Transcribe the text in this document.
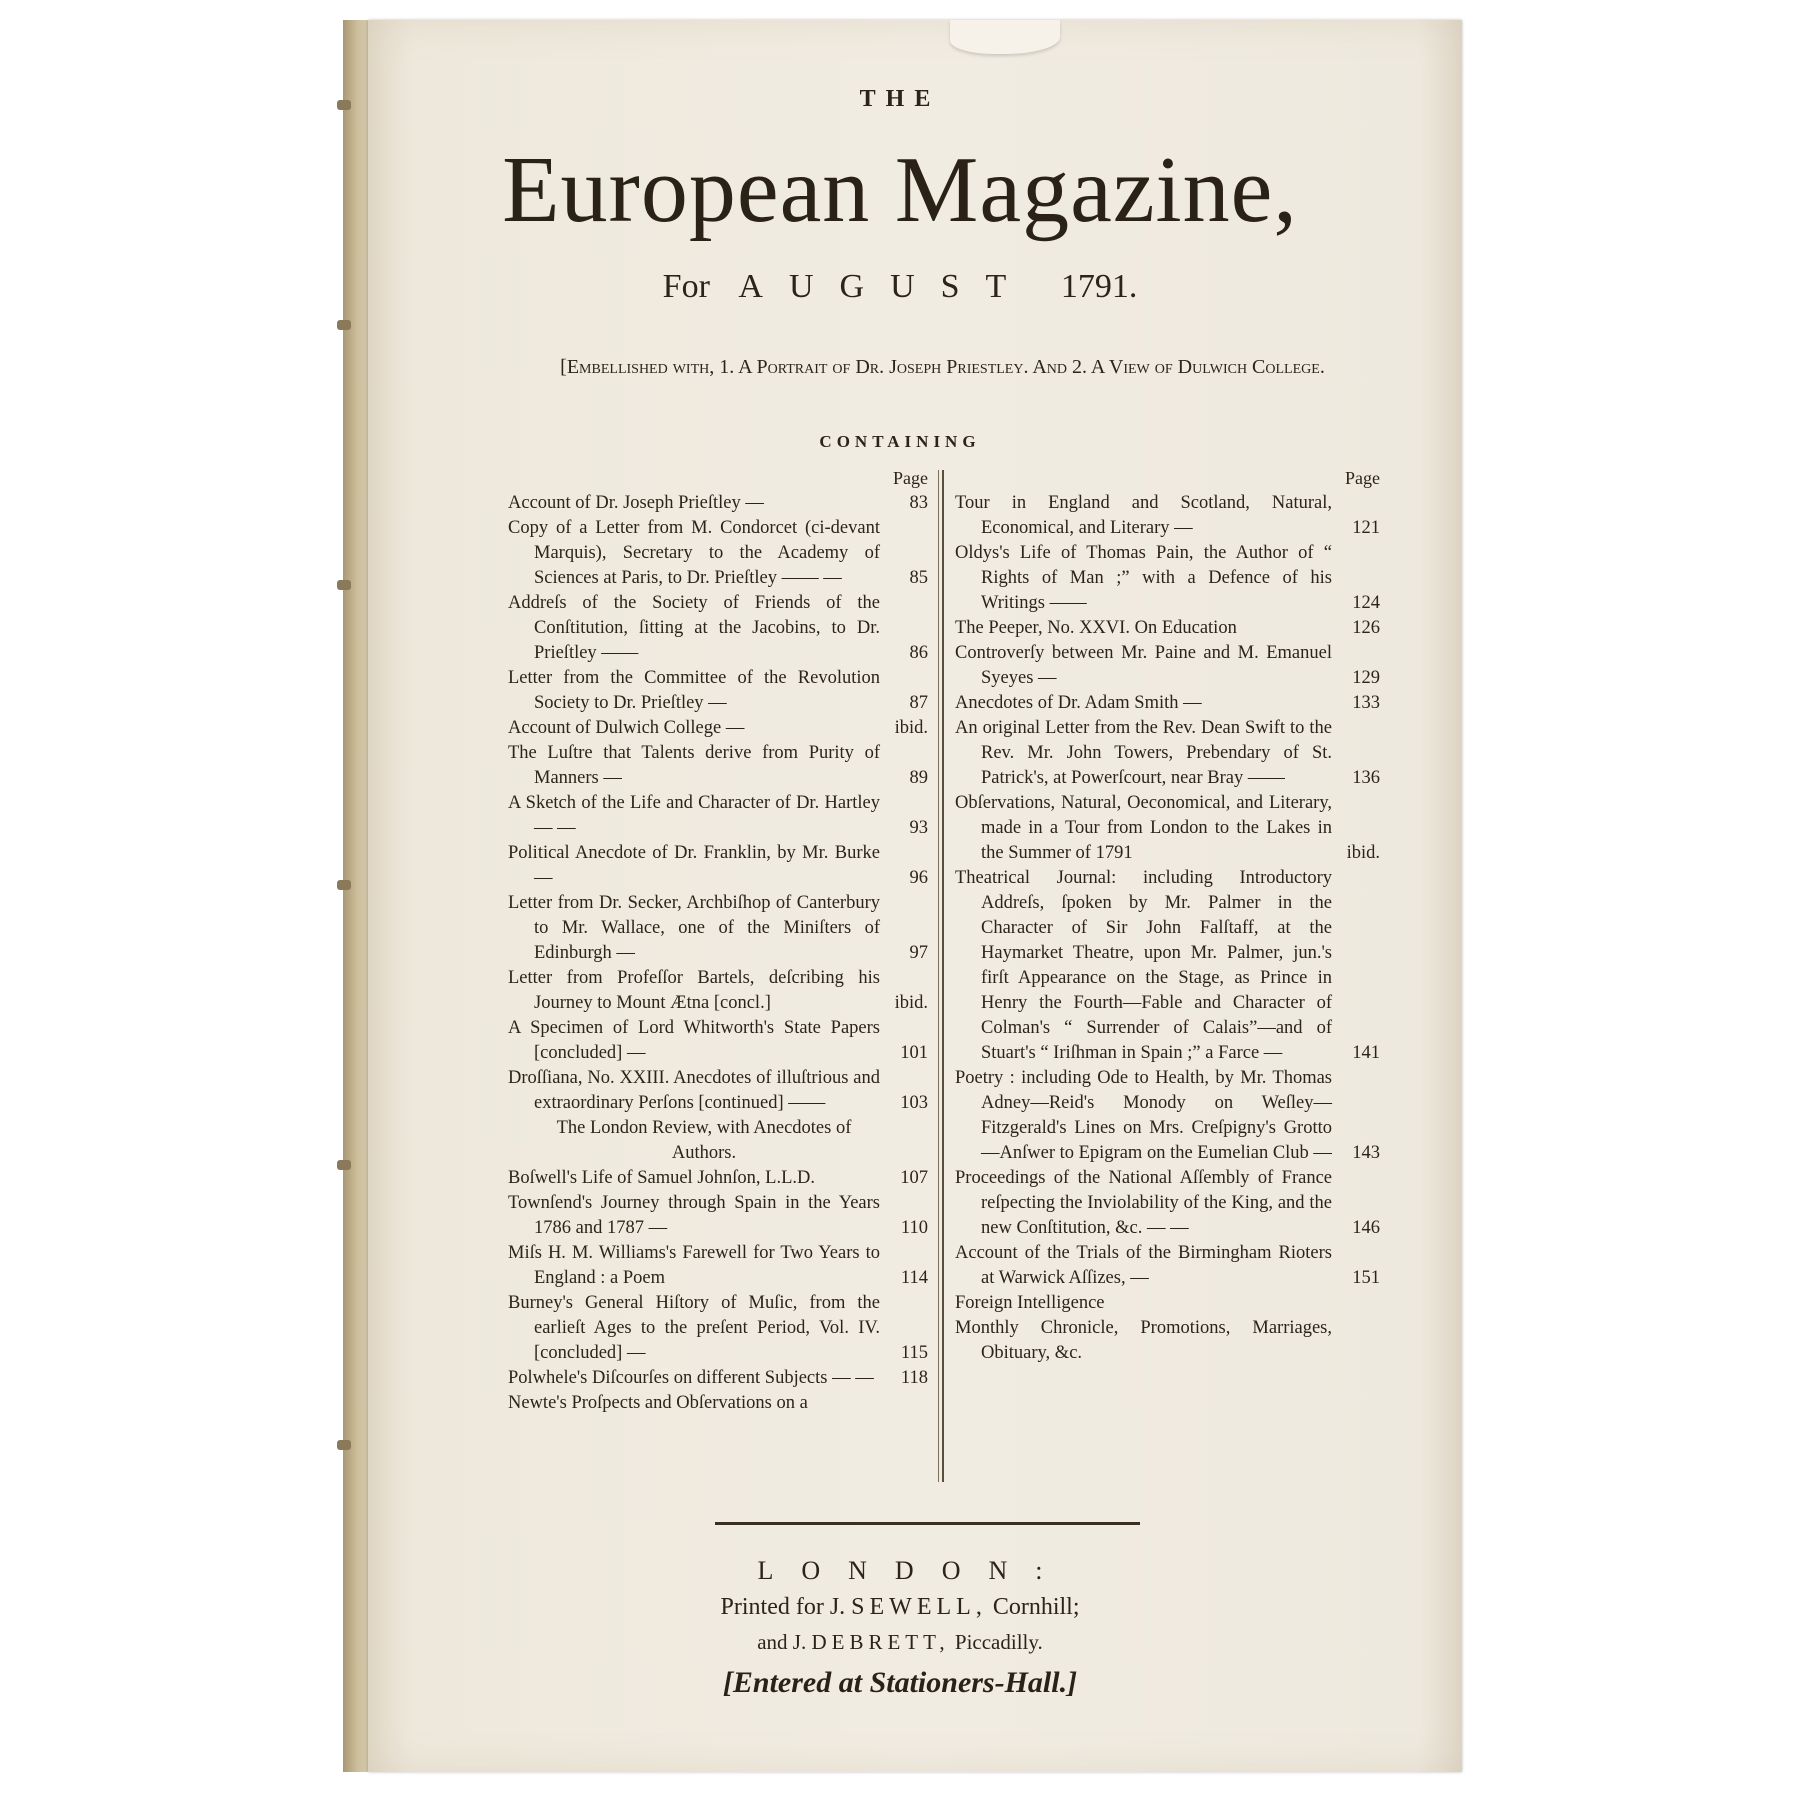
THE
European Magazine,
For AUGUST 1791.
[Embellished with, 1. A Portrait of Dr. Joseph Priestley. And 2. A View of Dulwich College.
CONTAINING
Page
Account of Dr. Joseph Prieſtley —	83
Copy of a Letter from M. Condorcet (ci-devant Marquis), Secretary to the Academy of Sciences at Paris, to Dr. Prieſtley —— —	85
Addreſs of the Society of Friends of the Conſtitution, ſitting at the Jacobins, to Dr. Prieſtley ——	86
Letter from the Committee of the Revolution Society to Dr. Prieſtley —	87
Account of Dulwich College —	ibid.
The Luſtre that Talents derive from Purity of Manners —	89
A Sketch of the Life and Character of Dr. Hartley — —	93
Political Anecdote of Dr. Franklin, by Mr. Burke —	96
Letter from Dr. Secker, Archbiſhop of Canterbury to Mr. Wallace, one of the Miniſters of Edinburgh —	97
Letter from Profeſſor Bartels, deſcribing his Journey to Mount Ætna [concl.]	ibid.
A Specimen of Lord Whitworth's State Papers [concluded] —	101
Droſſiana, No. XXIII. Anecdotes of illuſtrious and extraordinary Perſons [continued] ——	103
The London Review, with Anecdotes of Authors.
Boſwell's Life of Samuel Johnſon, L.L.D.	107
Townſend's Journey through Spain in the Years 1786 and 1787 —	110
Miſs H. M. Williams's Farewell for Two Years to England : a Poem	114
Burney's General Hiſtory of Muſic, from the earlieſt Ages to the preſent Period, Vol. IV. [concluded] —	115
Polwhele's Diſcourſes on different Subjects — —	118
Newte's Proſpects and Obſervations on a
Page
Tour in England and Scotland, Natural, Economical, and Literary —	121
Oldys's Life of Thomas Pain, the Author of “ Rights of Man ;” with a Defence of his Writings ——	124
The Peeper, No. XXVI. On Education	126
Controverſy between Mr. Paine and M. Emanuel Syeyes —	129
Anecdotes of Dr. Adam Smith —	133
An original Letter from the Rev. Dean Swift to the Rev. Mr. John Towers, Prebendary of St. Patrick's, at Powerſcourt, near Bray ——	136
Obſervations, Natural, Oeconomical, and Literary, made in a Tour from London to the Lakes in the Summer of 1791	ibid.
Theatrical Journal: including Introductory Addreſs, ſpoken by Mr. Palmer in the Character of Sir John Falſtaff, at the Haymarket Theatre, upon Mr. Palmer, jun.'s firſt Appearance on the Stage, as Prince in Henry the Fourth—Fable and Character of Colman's “ Surrender of Calais”—and of Stuart's “ Iriſhman in Spain ;” a Farce —	141
Poetry : including Ode to Health, by Mr. Thomas Adney—Reid's Monody on Weſley—Fitzgerald's Lines on Mrs. Creſpigny's Grotto—Anſwer to Epigram on the Eumelian Club —	143
Proceedings of the National Aſſembly of France reſpecting the Inviolability of the King, and the new Conſtitution, &c. — —	146
Account of the Trials of the Birmingham Rioters at Warwick Aſſizes, —	151
Foreign Intelligence
Monthly Chronicle, Promotions, Marriages, Obituary, &c.
LONDON:
Printed for J. SEWELL, Cornhill;
and J. DEBRETT, Piccadilly.
[Entered at Stationers-Hall.]
